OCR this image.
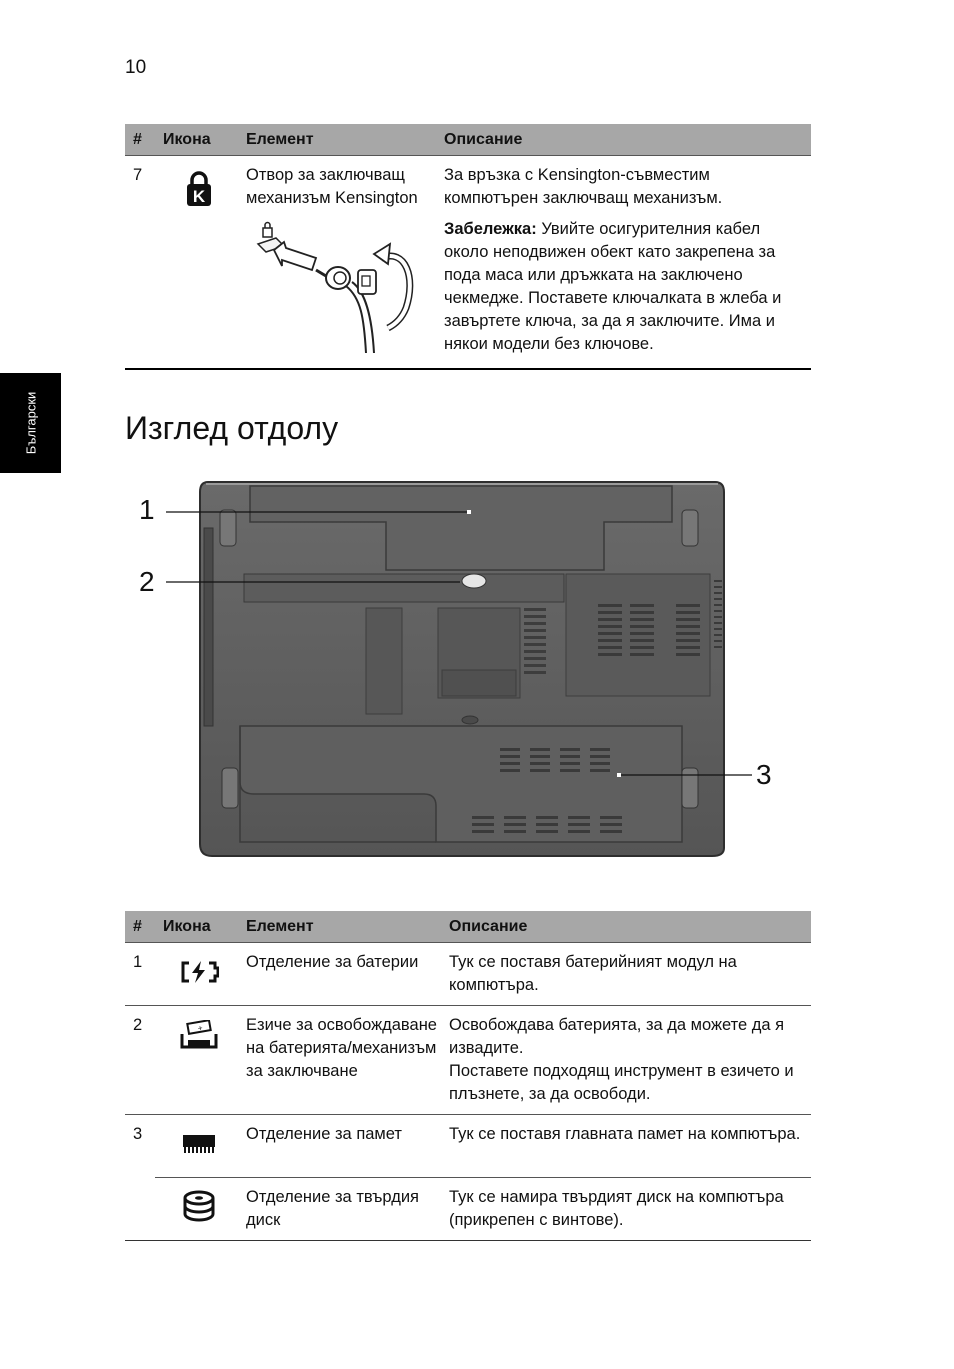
10
Български
#	Икона	Елемент	Описание
7	K	Отвор за заключващ механизъм Kensington	За връзка с Kensington-съвместим компютърен заключващ механизъм.
Забележка: Увийте осигурителния кабел около неподвижен обект като закрепена за пода маса или дръжката на заключено чекмедже. Поставете ключалката в жлеба и завъртете ключа, за да я заключите. Има и някои модели без ключове.
Изглед отдолу
1
2
3
#	Икона	Елемент	Описание
1		Отделение за батерии	Тук се поставя батерийният модул на компютъра.
2	+	Езиче за освобождаване на батерията/механизъм за заключване	Освобождава батерията, за да можете да я извадите.
Поставете подходящ инструмент в езичето и плъзнете, за да освободи.

3		Отделение за памет	Тук се поставя главната памет на компютъра.
		Отделение за твърдия диск	Тук се намира твърдият диск на компютъра (прикрепен с винтове).
